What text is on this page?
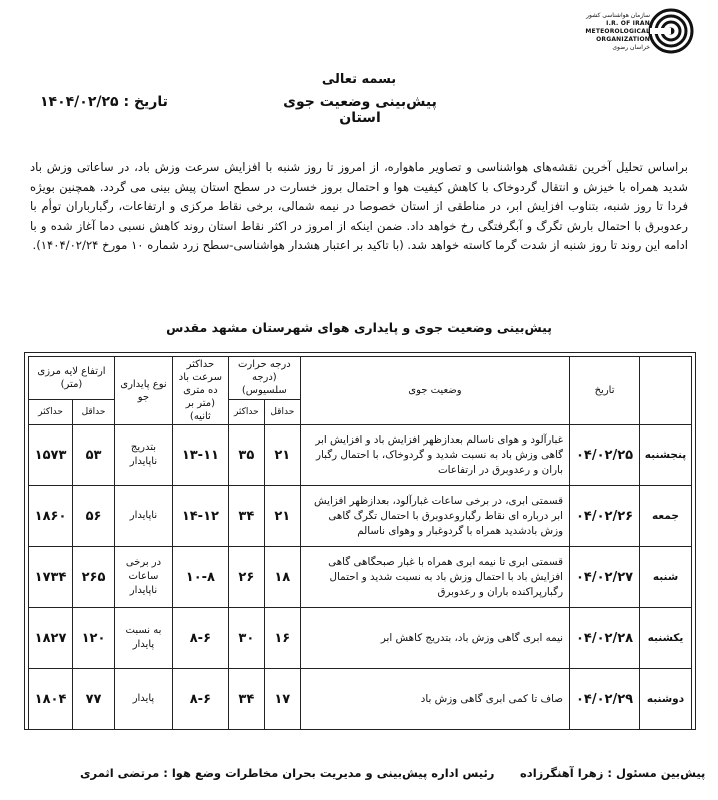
سازمان هواشناسی کشور
I.R. OF IRAN
METEOROLOGICAL
ORGANIZATION
خراسان رضوی
بسمه تعالی
پیش‌بینی وضعیت جوی استان
تاریخ : ۱۴۰۴/۰۲/۲۵
براساس تحلیل آخرین نقشه‌های هواشناسی و تصاویر ماهواره، از امروز تا روز شنبه با افزایش سرعت وزش باد، در ساعاتی وزش باد شدید همراه با خیزش و انتقال گردوخاک با کاهش کیفیت هوا و احتمال بروز خسارت در سطح استان پیش بینی می گردد. همچنین بویژه فردا تا روز شنبه، بتناوب افزایش ابر، در مناطقی از استان خصوصا در نیمه شمالی، برخی نقاط مرکزی و ارتفاعات، رگبارباران توأم با رعدوبرق با احتمال بارش تگرگ و آبگرفتگی رخ خواهد داد. ضمن اینکه از امروز در اکثر نقاط استان روند کاهش نسبی دما آغاز شده و با ادامه این روند تا روز شنبه از شدت گرما کاسته خواهد شد. (با تاکید بر اعتبار هشدار هواشناسی-سطح زرد شماره ۱۰ مورخ ۱۴۰۴/۰۲/۲۴).
پیش‌بینی وضعیت جوی و پایداری هوای شهرستان مشهد مقدس
	تاریخ	وضعیت جوی	درجه حرارت (درجه سلسیوس)		حداکثر سرعت باد ده متری (متر بر ثانیه)	نوع پایداری جو	ارتفاع لایه مرزی (متر)	
			حداقل	حداکثر			حداقل	حداکثر
پنجشنبه	۰۴/۰۲/۲۵	غبارآلود و هوای ناسالم بعدازظهر افزایش باد و افزایش ابر گاهی وزش باد به نسبت شدید و گردوخاک، با احتمال رگبار باران و رعدوبرق در ارتفاعات	۲۱	۳۵	۱۳-۱۱	بتدریج ناپایدار	۵۳	۱۵۷۳
جمعه	۰۴/۰۲/۲۶	قسمتی ابری، در برخی ساعات غبارآلود، بعدازظهر افزایش ابر درباره ای نقاط رگباروعدوبرق با احتمال تگرگ گاهی وزش بادشدید همراه با گردوغبار و وهوای ناسالم	۲۱	۳۴	۱۴-۱۲	ناپایدار	۵۶	۱۸۶۰
شنبه	۰۴/۰۲/۲۷	قسمتی ابری تا نیمه ابری همراه با غبار صبحگاهی گاهی افزایش باد با احتمال وزش باد به نسبت شدید و احتمال رگبارپراکنده باران و رعدوبرق	۱۸	۲۶	۱۰-۸	در برخی ساعات ناپایدار	۲۶۵	۱۷۳۴
یکشنبه	۰۴/۰۲/۲۸	نیمه ابری گاهی وزش باد، بتدریج کاهش ابر	۱۶	۳۰	۸-۶	به نسبت پایدار	۱۲۰	۱۸۲۷
دوشنبه	۰۴/۰۲/۲۹	صاف تا کمی ابری گاهی وزش باد	۱۷	۳۴	۸-۶	پایدار	۷۷	۱۸۰۴
پیش‌بین مسئول : زهرا آهنگرزاده
رئیس اداره پیش‌بینی و مدیریت بحران مخاطرات وضع هوا : مرتضی اثمری
